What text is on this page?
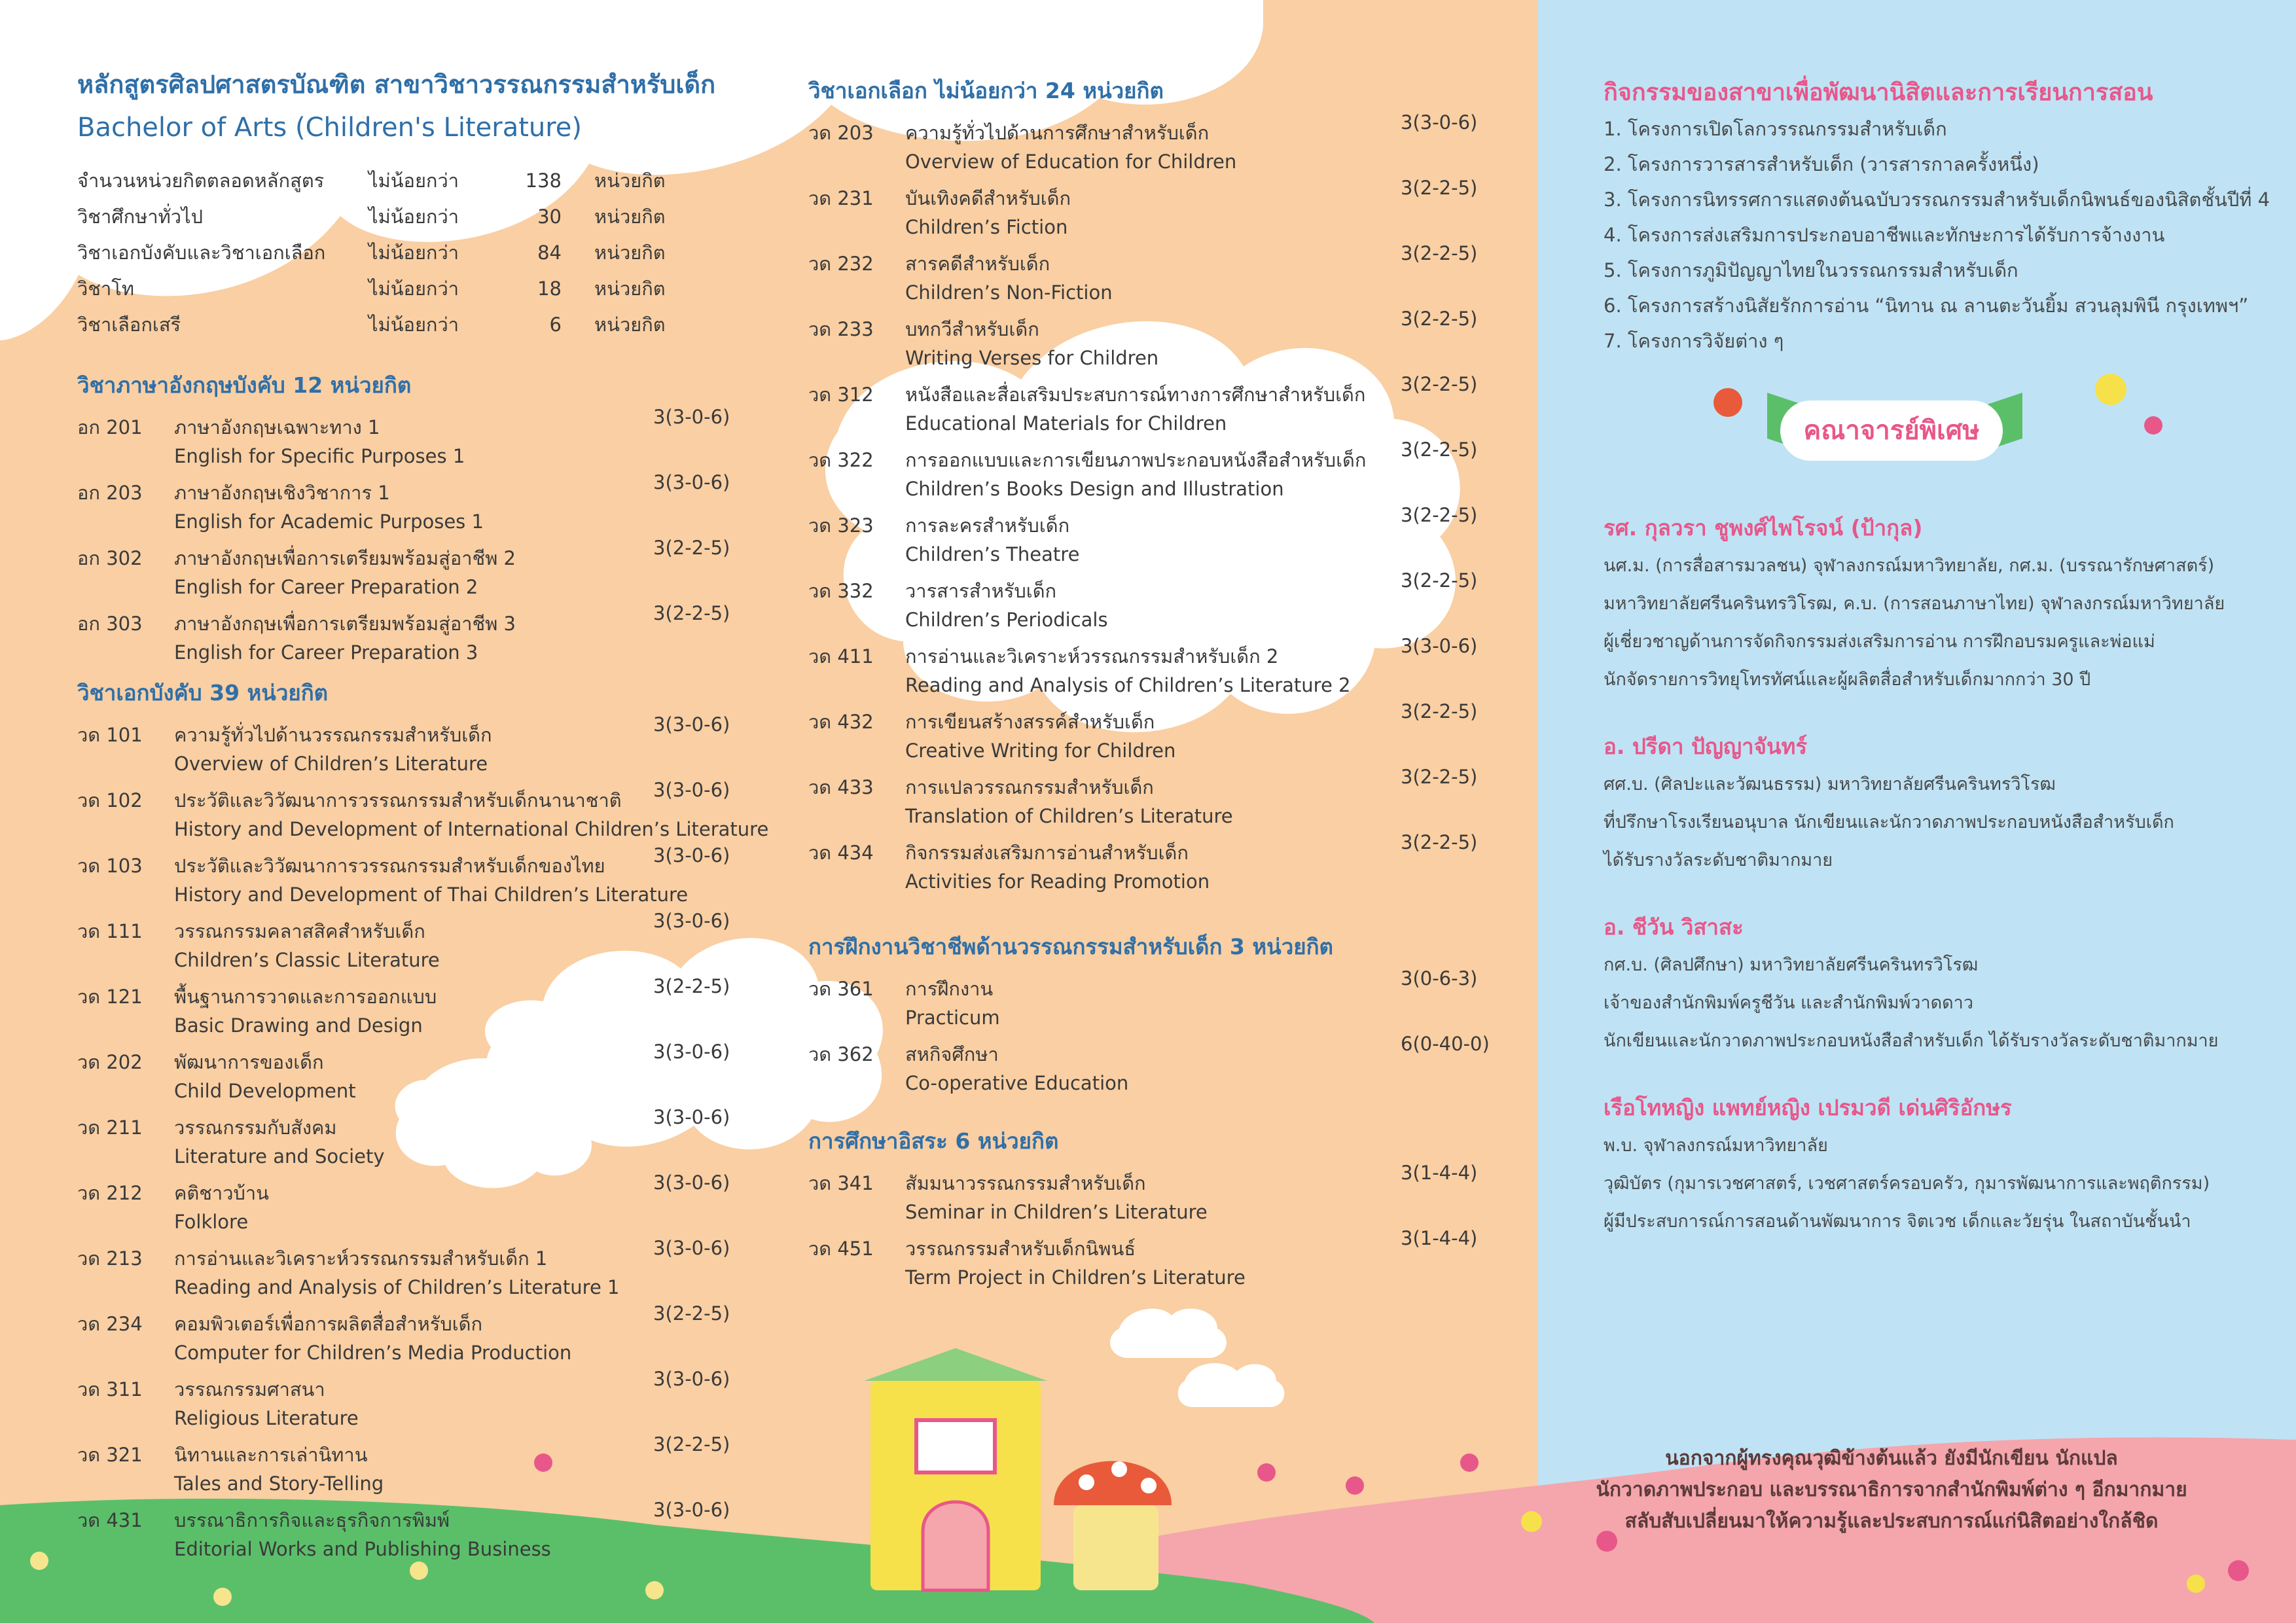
หลักสูตรศิลปศาสตรบัณฑิต สาขาวิชาวรรณกรรมสำหรับเด็ก
Bachelor of Arts (Children's Literature)
จำนวนหน่วยกิตตลอดหลักสูตร	ไม่น้อยกว่า	138	หน่วยกิต
วิชาศึกษาทั่วไป	ไม่น้อยกว่า	30	หน่วยกิต
วิชาเอกบังคับและวิชาเอกเลือก	ไม่น้อยกว่า	84	หน่วยกิต
วิชาโท	ไม่น้อยกว่า	18	หน่วยกิต
วิชาเลือกเสรี	ไม่น้อยกว่า	6	หน่วยกิต
วิชาภาษาอังกฤษบังคับ 12 หน่วยกิต
อก 201	ภาษาอังกฤษเฉพาะทาง 1
English for Specific Purposes 1
3(3-0-6)
อก 203	ภาษาอังกฤษเชิงวิชาการ 1
English for Academic Purposes 1
3(3-0-6)
อก 302	ภาษาอังกฤษเพื่อการเตรียมพร้อมสู่อาชีพ 2
English for Career Preparation 2
3(2-2-5)
อก 303	ภาษาอังกฤษเพื่อการเตรียมพร้อมสู่อาชีพ 3
English for Career Preparation 3
3(2-2-5)
วิชาเอกบังคับ 39 หน่วยกิต
วด 101	ความรู้ทั่วไปด้านวรรณกรรมสำหรับเด็ก
Overview of Children’s Literature
3(3-0-6)
วด 102	ประวัติและวิวัฒนาการวรรณกรรมสำหรับเด็กนานาชาติ
History and Development of International Children’s Literature
3(3-0-6)
วด 103	ประวัติและวิวัฒนาการวรรณกรรมสำหรับเด็กของไทย
History and Development of Thai Children’s Literature
3(3-0-6)
วด 111	วรรณกรรมคลาสสิคสำหรับเด็ก
Children’s Classic Literature
3(3-0-6)
วด 121	พื้นฐานการวาดและการออกแบบ
Basic Drawing and Design
3(2-2-5)
วด 202	พัฒนาการของเด็ก
Child Development
3(3-0-6)
วด 211	วรรณกรรมกับสังคม
Literature and Society
3(3-0-6)
วด 212	คติชาวบ้าน
Folklore
3(3-0-6)
วด 213	การอ่านและวิเคราะห์วรรณกรรมสำหรับเด็ก 1
Reading and Analysis of Children’s Literature 1
3(3-0-6)
วด 234	คอมพิวเตอร์เพื่อการผลิตสื่อสำหรับเด็ก
Computer for Children’s Media Production
3(2-2-5)
วด 311	วรรณกรรมศาสนา
Religious Literature
3(3-0-6)
วด 321	นิทานและการเล่านิทาน
Tales and Story-Telling
3(2-2-5)
วด 431	บรรณาธิการกิจและธุรกิจการพิมพ์
Editorial Works and Publishing Business
3(3-0-6)
วิชาเอกเลือก ไม่น้อยกว่า 24 หน่วยกิต
วด 203	ความรู้ทั่วไปด้านการศึกษาสำหรับเด็ก
Overview of Education for Children
3(3-0-6)
วด 231	บันเทิงคดีสำหรับเด็ก
Children’s Fiction
3(2-2-5)
วด 232	สารคดีสำหรับเด็ก
Children’s Non-Fiction
3(2-2-5)
วด 233	บทกวีสำหรับเด็ก
Writing Verses for Children
3(2-2-5)
วด 312	หนังสือและสื่อเสริมประสบการณ์ทางการศึกษาสำหรับเด็ก
Educational Materials for Children
3(2-2-5)
วด 322	การออกแบบและการเขียนภาพประกอบหนังสือสำหรับเด็ก
Children’s Books Design and Illustration
3(2-2-5)
วด 323	การละครสำหรับเด็ก
Children’s Theatre
3(2-2-5)
วด 332	วารสารสำหรับเด็ก
Children’s Periodicals
3(2-2-5)
วด 411	การอ่านและวิเคราะห์วรรณกรรมสำหรับเด็ก 2
Reading and Analysis of Children’s Literature 2
3(3-0-6)
วด 432	การเขียนสร้างสรรค์สำหรับเด็ก
Creative Writing for Children
3(2-2-5)
วด 433	การแปลวรรณกรรมสำหรับเด็ก
Translation of Children’s Literature
3(2-2-5)
วด 434	กิจกรรมส่งเสริมการอ่านสำหรับเด็ก
Activities for Reading Promotion
3(2-2-5)
การฝึกงานวิชาชีพด้านวรรณกรรมสำหรับเด็ก 3 หน่วยกิต
วด 361	การฝึกงาน
Practicum
3(0-6-3)
วด 362	สหกิจศึกษา
Co-operative Education
6(0-40-0)
การศึกษาอิสระ 6 หน่วยกิต
วด 341	สัมมนาวรรณกรรมสำหรับเด็ก
Seminar in Children’s Literature
3(1-4-4)
วด 451	วรรณกรรมสำหรับเด็กนิพนธ์
Term Project in Children’s Literature
3(1-4-4)
กิจกรรมของสาขาเพื่อพัฒนานิสิตและการเรียนการสอน
1. โครงการเปิดโลกวรรณกรรมสำหรับเด็ก
2. โครงการวารสารสำหรับเด็ก (วารสารกาลครั้งหนึ่ง)
3. โครงการนิทรรศการแสดงต้นฉบับวรรณกรรมสำหรับเด็กนิพนธ์ของนิสิตชั้นปีที่ 4
4. โครงการส่งเสริมการประกอบอาชีพและทักษะการได้รับการจ้างงาน
5. โครงการภูมิปัญญาไทยในวรรณกรรมสำหรับเด็ก
6. โครงการสร้างนิสัยรักการอ่าน “นิทาน ณ ลานตะวันยิ้ม สวนลุมพินี กรุงเทพฯ”
7. โครงการวิจัยต่าง ๆ
คณาจารย์พิเศษ
รศ. กุลวรา ชูพงศ์ไพโรจน์ (ป้ากุล)
นศ.ม. (การสื่อสารมวลชน) จุฬาลงกรณ์มหาวิทยาลัย, กศ.ม. (บรรณารักษศาสตร์)
มหาวิทยาลัยศรีนครินทรวิโรฒ, ค.บ. (การสอนภาษาไทย) จุฬาลงกรณ์มหาวิทยาลัย
ผู้เชี่ยวชาญด้านการจัดกิจกรรมส่งเสริมการอ่าน การฝึกอบรมครูและพ่อแม่
นักจัดรายการวิทยุโทรทัศน์และผู้ผลิตสื่อสำหรับเด็กมากกว่า 30 ปี
อ. ปรีดา ปัญญาจันทร์
ศศ.บ. (ศิลปะและวัฒนธรรม) มหาวิทยาลัยศรีนครินทรวิโรฒ
ที่ปรึกษาโรงเรียนอนุบาล นักเขียนและนักวาดภาพประกอบหนังสือสำหรับเด็ก
ได้รับรางวัลระดับชาติมากมาย
อ. ชีวัน วิสาสะ
กศ.บ. (ศิลปศึกษา) มหาวิทยาลัยศรีนครินทรวิโรฒ
เจ้าของสำนักพิมพ์ครูชีวัน และสำนักพิมพ์วาดดาว
นักเขียนและนักวาดภาพประกอบหนังสือสำหรับเด็ก ได้รับรางวัลระดับชาติมากมาย
เรือโทหญิง แพทย์หญิง เปรมวดี เด่นศิริอักษร
พ.บ. จุฬาลงกรณ์มหาวิทยาลัย
วุฒิบัตร (กุมารเวชศาสตร์, เวชศาสตร์ครอบครัว, กุมารพัฒนาการและพฤติกรรม)
ผู้มีประสบการณ์การสอนด้านพัฒนาการ จิตเวช เด็กและวัยรุ่น ในสถาบันชั้นนำ
นอกจากผู้ทรงคุณวุฒิข้างต้นแล้ว ยังมีนักเขียน นักแปล
นักวาดภาพประกอบ และบรรณาธิการจากสำนักพิมพ์ต่าง ๆ อีกมากมาย
สลับสับเปลี่ยนมาให้ความรู้และประสบการณ์แก่นิสิตอย่างใกล้ชิด
